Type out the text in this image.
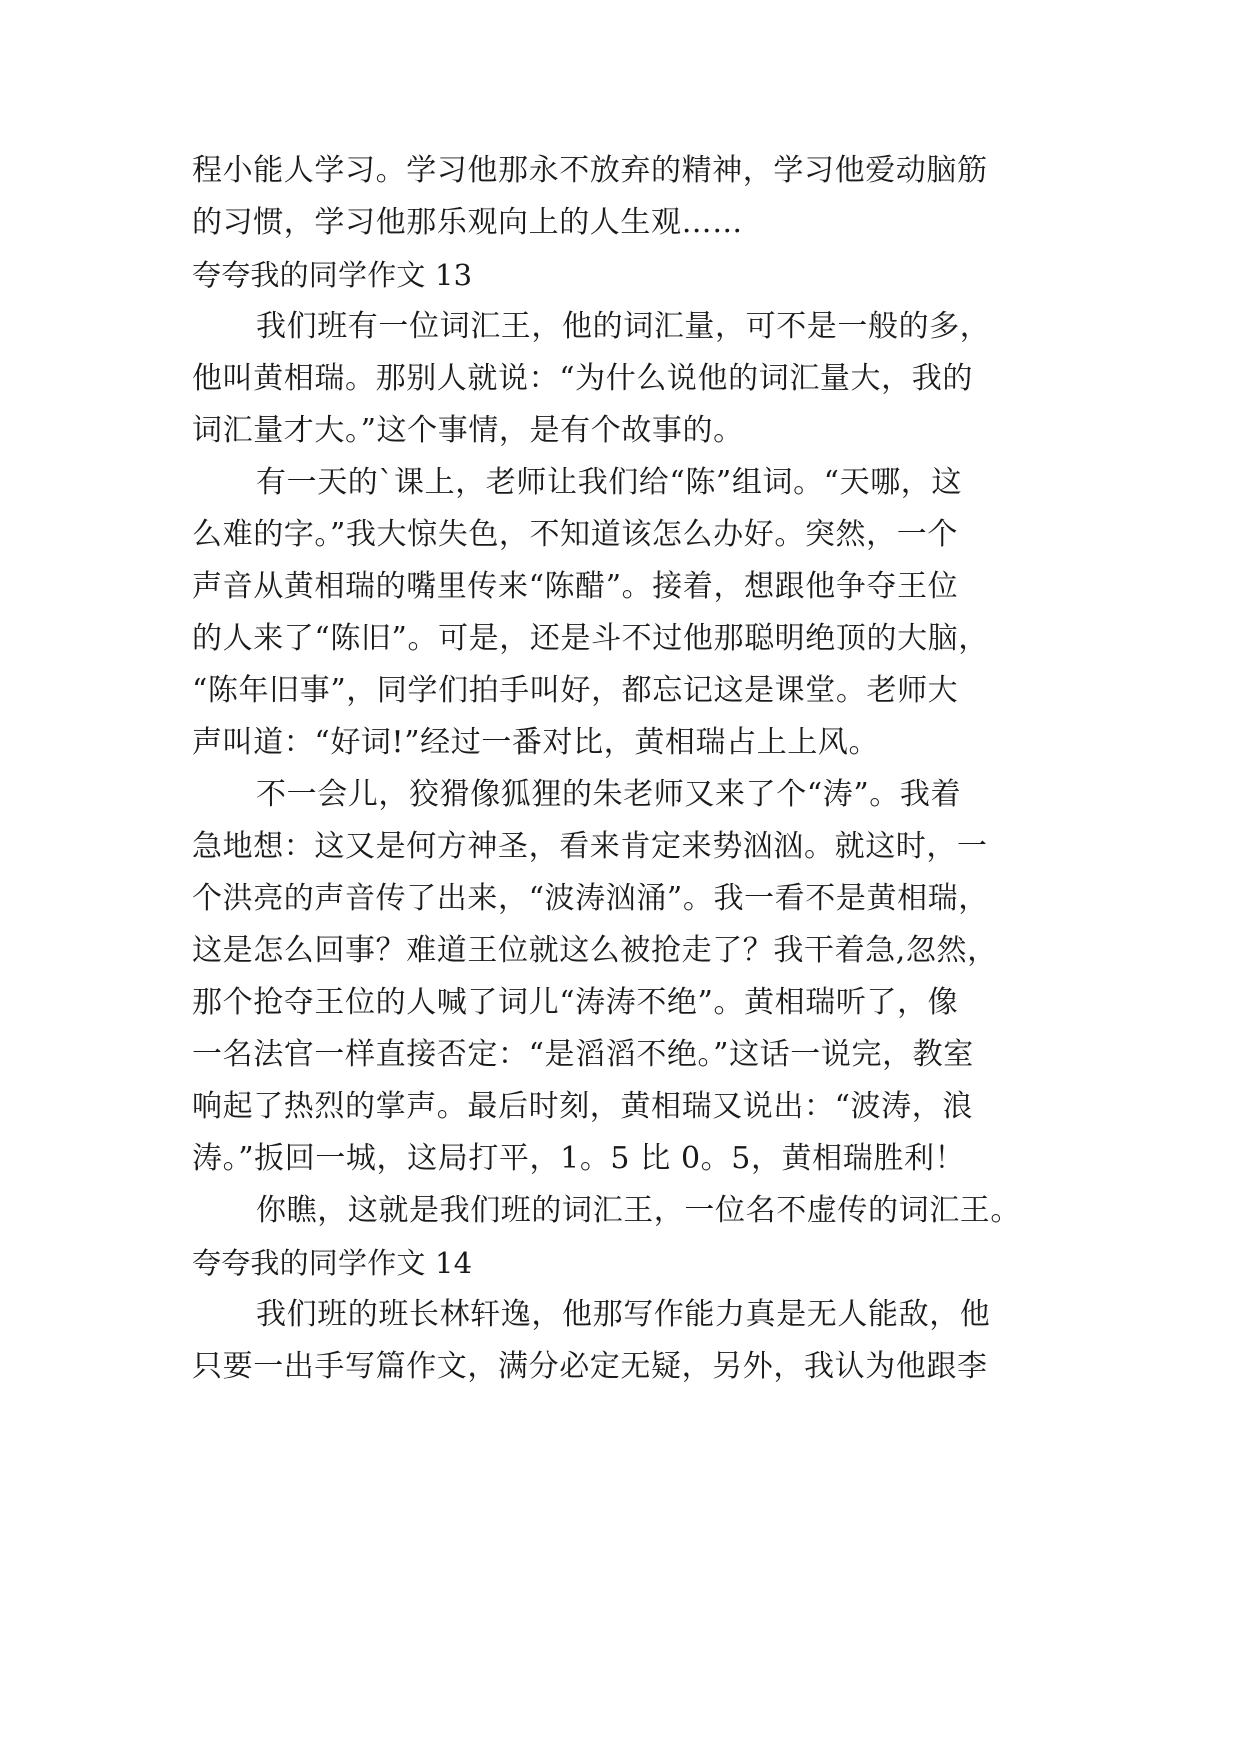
程小能人学习。学习他那永不放弃的精神，学习他爱动脑筋
的习惯，学习他那乐观向上的人生观……
夸夸我的同学作文 13
我们班有一位词汇王，他的词汇量，可不是一般的多，
他叫黄相瑞。那别人就说：“为什么说他的词汇量大，我的
词汇量才大。”这个事情，是有个故事的。
有一天的`课上，老师让我们给“陈”组词。“天哪，这
么难的字。”我大惊失色，不知道该怎么办好。突然，一个
声音从黄相瑞的嘴里传来“陈醋”。接着，想跟他争夺王位
的人来了“陈旧”。可是，还是斗不过他那聪明绝顶的大脑，
“陈年旧事”，同学们拍手叫好，都忘记这是课堂。老师大
声叫道：“好词!”经过一番对比，黄相瑞占上上风。
不一会儿，狡猾像狐狸的朱老师又来了个“涛”。我着
急地想：这又是何方神圣，看来肯定来势汹汹。就这时，一
个洪亮的声音传了出来，“波涛汹涌”。我一看不是黄相瑞，
这是怎么回事？难道王位就这么被抢走了？我干着急,忽然，
那个抢夺王位的人喊了词儿“涛涛不绝”。黄相瑞听了，像
一名法官一样直接否定：“是滔滔不绝。”这话一说完，教室
响起了热烈的掌声。最后时刻，黄相瑞又说出：“波涛，浪
涛。”扳回一城，这局打平，1。5 比 0。5，黄相瑞胜利！
你瞧，这就是我们班的词汇王，一位名不虚传的词汇王。
夸夸我的同学作文 14
我们班的班长林轩逸，他那写作能力真是无人能敌，他
只要一出手写篇作文，满分必定无疑，另外，我认为他跟李
